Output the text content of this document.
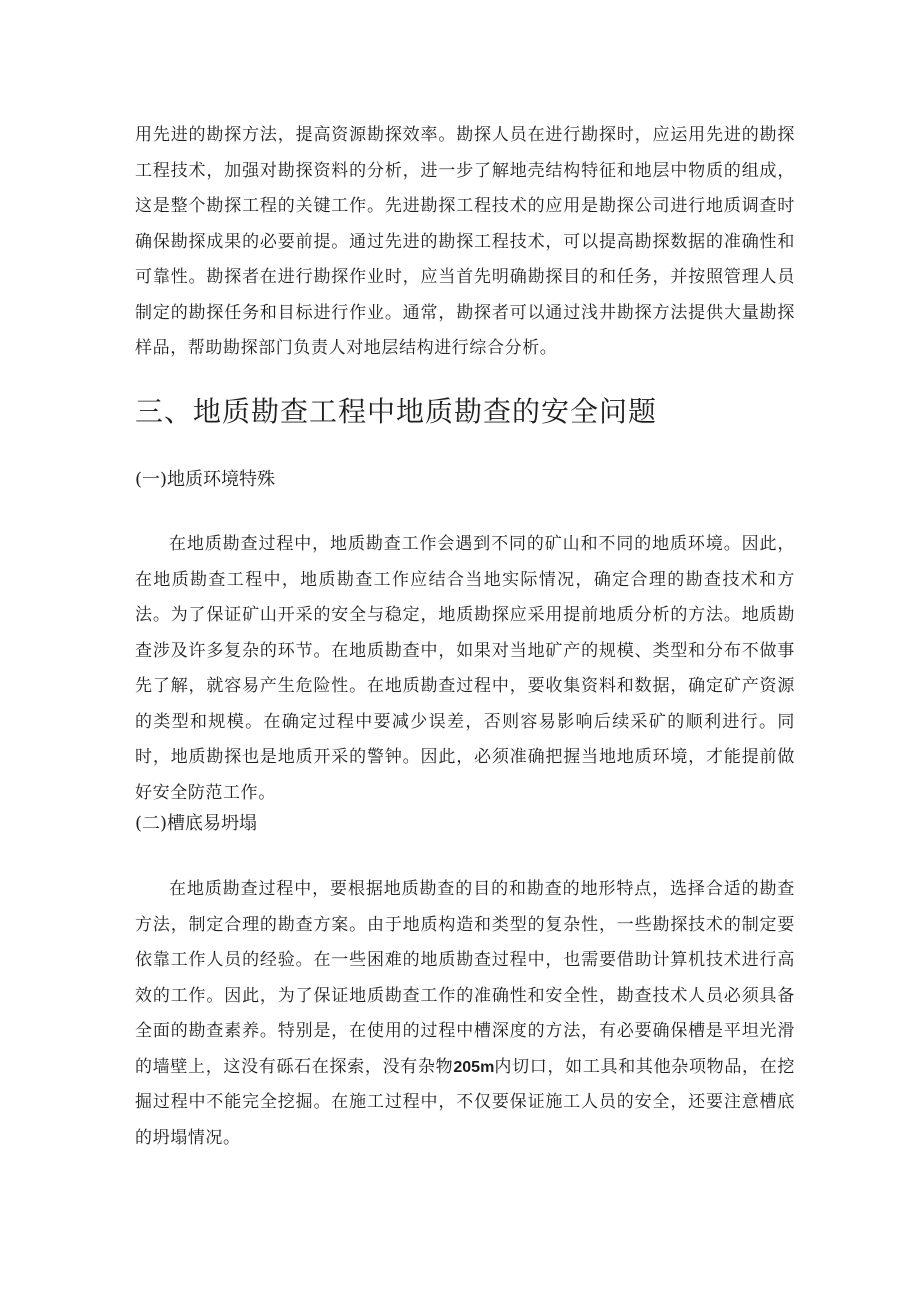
用先进的勘探方法，提高资源勘探效率。勘探人员在进行勘探时，应运用先进的勘探工程技术，加强对勘探资料的分析，进一步了解地壳结构特征和地层中物质的组成，这是整个勘探工程的关键工作。先进勘探工程技术的应用是勘探公司进行地质调查时确保勘探成果的必要前提。通过先进的勘探工程技术，可以提高勘探数据的准确性和可靠性。勘探者在进行勘探作业时，应当首先明确勘探目的和任务，并按照管理人员制定的勘探任务和目标进行作业。通常，勘探者可以通过浅井勘探方法提供大量勘探样品，帮助勘探部门负责人对地层结构进行综合分析。

三、地质勘查工程中地质勘查的安全问题
(一)地质环境特殊

在地质勘查过程中，地质勘查工作会遇到不同的矿山和不同的地质环境。因此，在地质勘查工程中，地质勘查工作应结合当地实际情况，确定合理的勘查技术和方法。为了保证矿山开采的安全与稳定，地质勘探应采用提前地质分析的方法。地质勘查涉及许多复杂的环节。在地质勘查中，如果对当地矿产的规模、类型和分布不做事先了解，就容易产生危险性。在地质勘查过程中，要收集资料和数据，确定矿产资源的类型和规模。在确定过程中要减少误差，否则容易影响后续采矿的顺利进行。同时，地质勘探也是地质开采的警钟。因此，必须准确把握当地地质环境，才能提前做好安全防范工作。

(二)槽底易坍塌

在地质勘查过程中，要根据地质勘查的目的和勘查的地形特点，选择合适的勘查方法，制定合理的勘查方案。由于地质构造和类型的复杂性，一些勘探技术的制定要依靠工作人员的经验。在一些困难的地质勘查过程中，也需要借助计算机技术进行高效的工作。因此，为了保证地质勘查工作的准确性和安全性，勘查技术人员必须具备全面的勘查素养。特别是，在使用的过程中槽深度的方法，有必要确保槽是平坦光滑的墙壁上，这没有砾石在探索，没有杂物205m内切口，如工具和其他杂项物品，在挖掘过程中不能完全挖掘。在施工过程中，不仅要保证施工人员的安全，还要注意槽底的坍塌情况。
